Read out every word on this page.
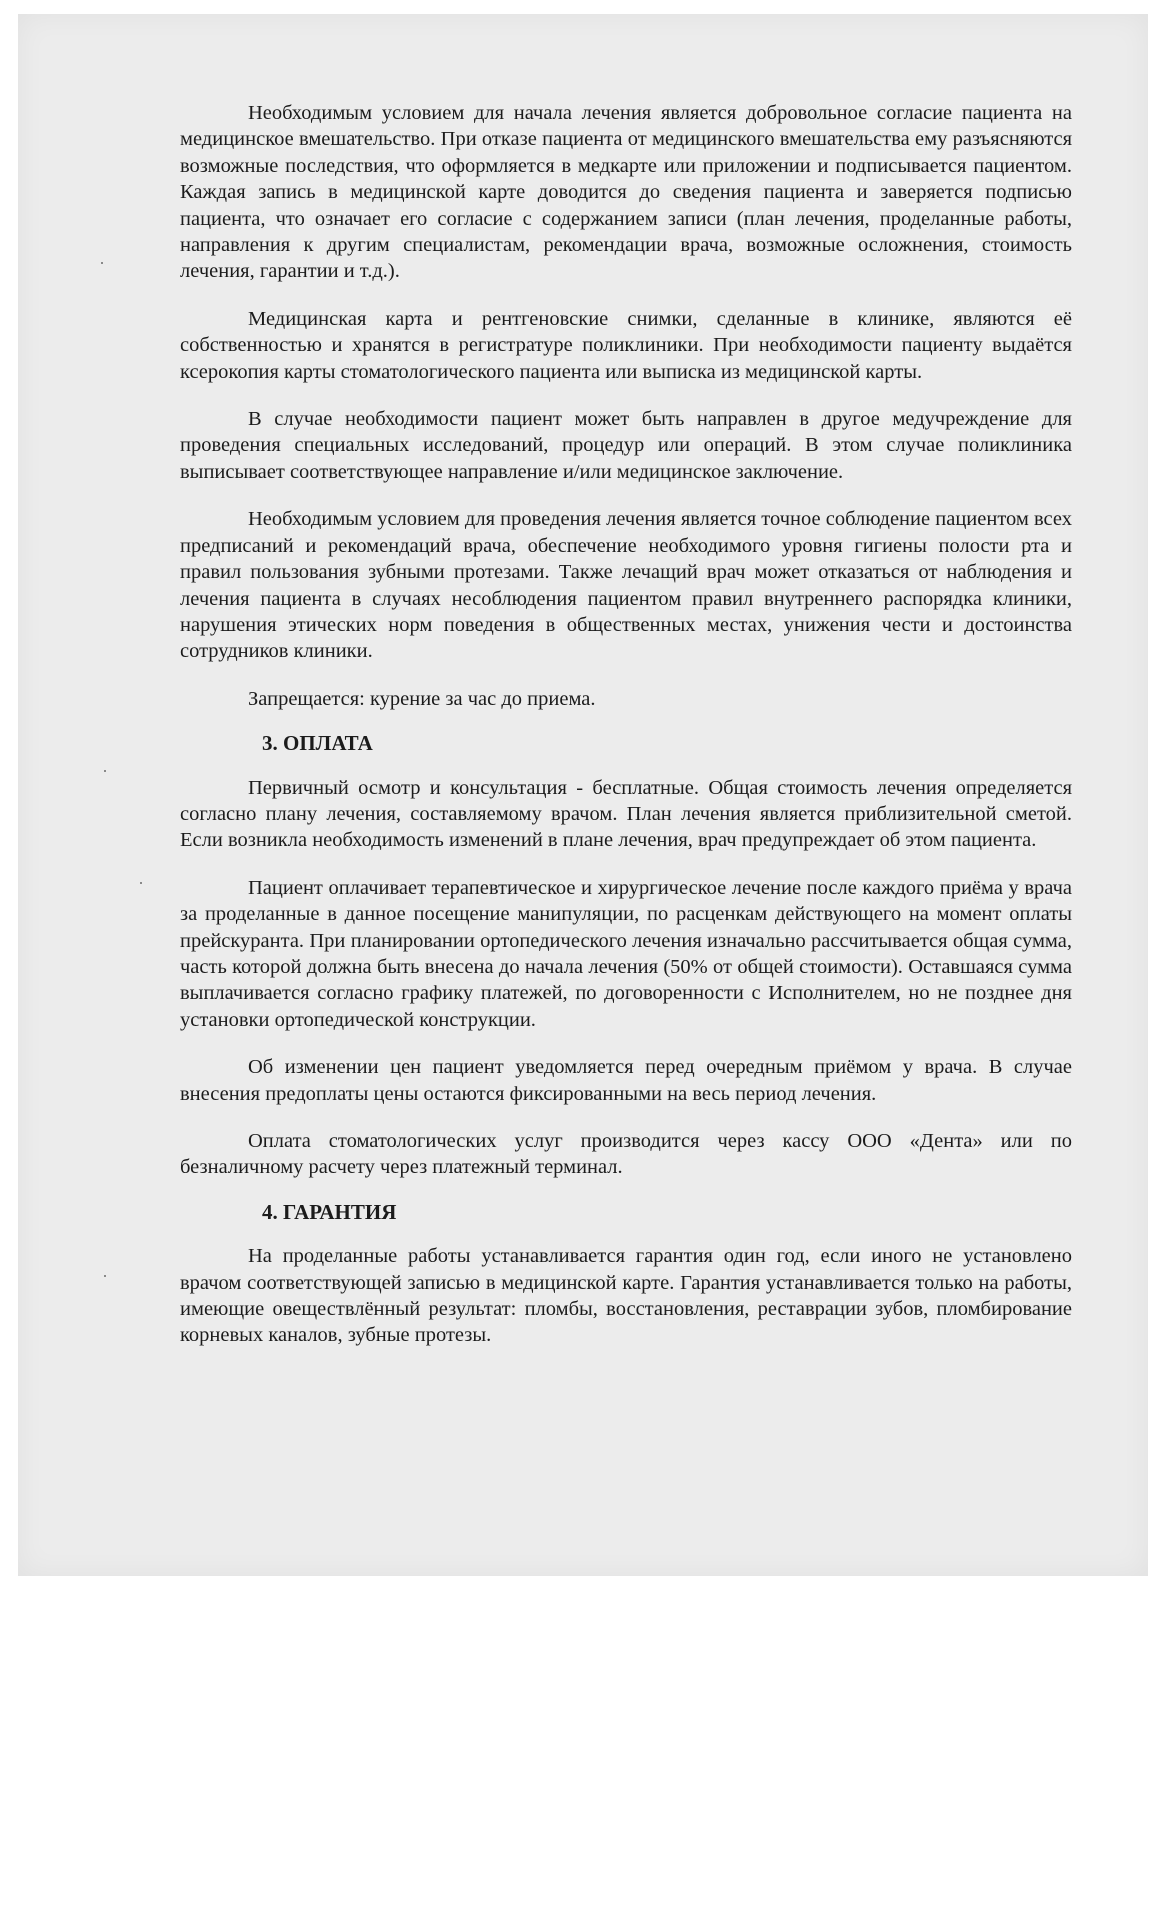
Необходимым условием для начала лечения является добровольное согласие пациента на медицинское вмешательство. При отказе пациента от медицинского вмешательства ему разъясняются возможные последствия, что оформляется в медкарте или приложении и подписывается пациентом. Каждая запись в медицинской карте доводится до сведения пациента и заверяется подписью пациента, что означает его согласие с содержанием записи (план лечения, проделанные работы, направления к другим специалистам, рекомендации врача, возможные осложнения, стоимость лечения, гарантии и т.д.).

Медицинская карта и рентгеновские снимки, сделанные в клинике, являются её собственностью и хранятся в регистратуре поликлиники. При необходимости пациенту выдаётся ксерокопия карты стоматологического пациента или выписка из медицинской карты.

В случае необходимости пациент может быть направлен в другое медучреждение для проведения специальных исследований, процедур или операций. В этом случае поликлиника выписывает соответствующее направление и/или медицинское заключение.

Необходимым условием для проведения лечения является точное соблюдение пациентом всех предписаний и рекомендаций врача, обеспечение необходимого уровня гигиены полости рта и правил пользования зубными протезами. Также лечащий врач может отказаться от наблюдения и лечения пациента в случаях несоблюдения пациентом правил внутреннего распорядка клиники, нарушения этических норм поведения в общественных местах, унижения чести и достоинства сотрудников клиники.

Запрещается: курение за час до приема.

3. ОПЛАТА

Первичный осмотр и консультация - бесплатные. Общая стоимость лечения определяется согласно плану лечения, составляемому врачом. План лечения является приблизительной сметой. Если возникла необходимость изменений в плане лечения, врач предупреждает об этом пациента.

Пациент оплачивает терапевтическое и хирургическое лечение после каждого приёма у врача за проделанные в данное посещение манипуляции, по расценкам действующего на момент оплаты прейскуранта. При планировании ортопедического лечения изначально рассчитывается общая сумма, часть которой должна быть внесена до начала лечения (50% от общей стоимости). Оставшаяся сумма выплачивается согласно графику платежей, по договоренности с Исполнителем, но не позднее дня установки ортопедической конструкции.

Об изменении цен пациент уведомляется перед очередным приёмом у врача. В случае внесения предоплаты цены остаются фиксированными на весь период лечения.

Оплата стоматологических услуг производится через кассу ООО «Дента» или по безналичному расчету через платежный терминал.

4. ГАРАНТИЯ

На проделанные работы устанавливается гарантия один год, если иного не установлено врачом соответствующей записью в медицинской карте. Гарантия устанавливается только на работы, имеющие овеществлённый результат: пломбы, восстановления, реставрации зубов, пломбирование корневых каналов, зубные протезы.
